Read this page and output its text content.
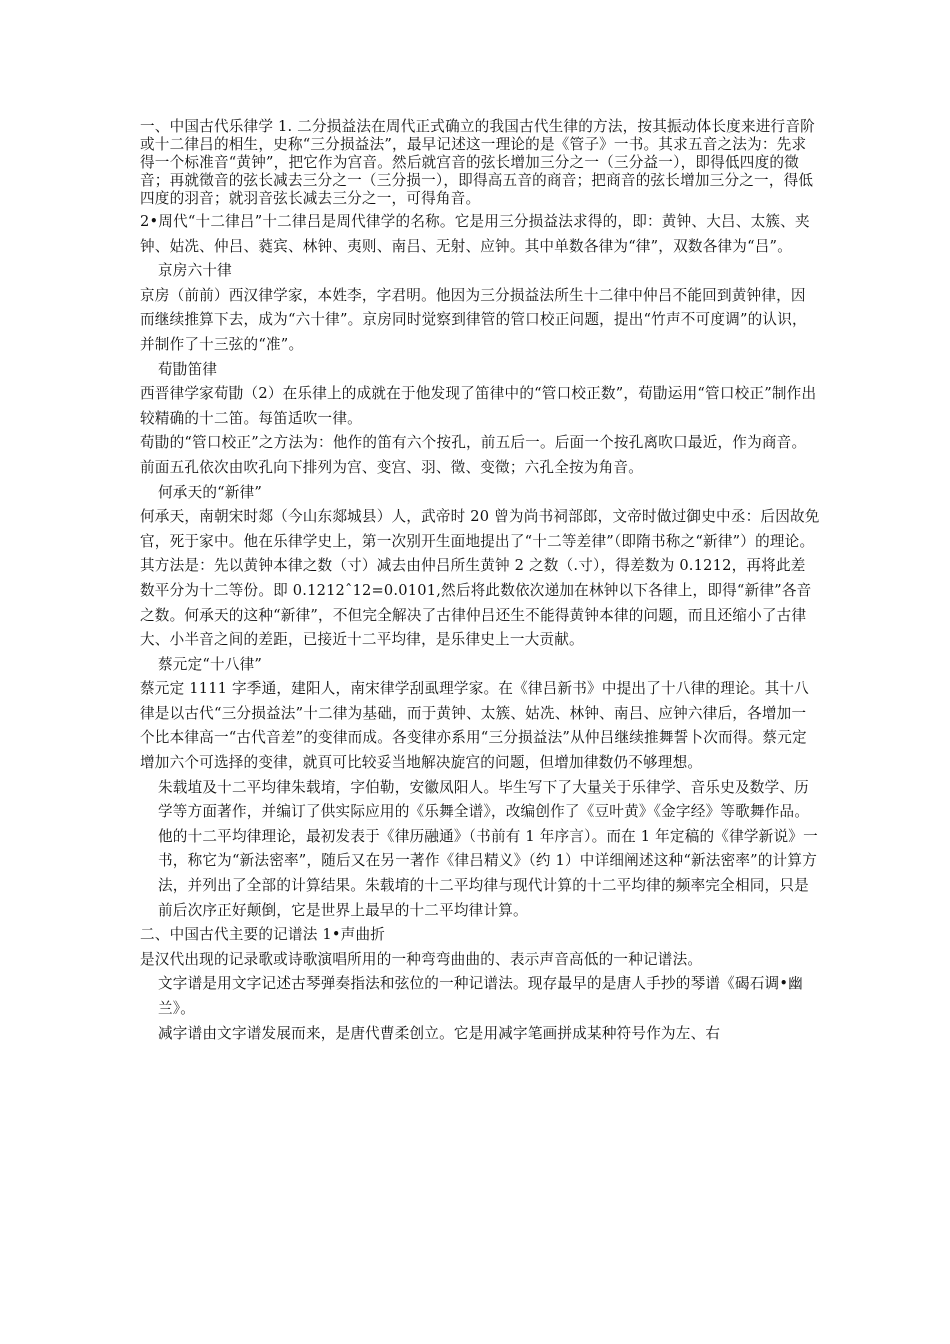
一、中国古代乐律学 1. 二分损益法在周代正式确立的我国古代生律的方法，按其振动体长度来进行音阶或十二律吕的相生，史称“三分损益法”，最早记述这一理论的是《管子》一书。其求五音之法为：先求得一个标准音“黄钟”，把它作为宫音。然后就宫音的弦长增加三分之一（三分益一），即得低四度的徵音；再就徵音的弦长减去三分之一（三分损一），即得高五音的商音；把商音的弦长增加三分之一，得低四度的羽音；就羽音弦长减去三分之一，可得角音。

2•周代“十二律吕”十二律吕是周代律学的名称。它是用三分损益法求得的，即：黄钟、大吕、太簇、夹钟、姑冼、仲吕、蕤宾、林钟、夷则、南吕、无射、应钟。其中单数各律为“律”，双数各律为“吕”。

京房六十律

京房（前前）西汉律学家，本姓李，字君明。他因为三分损益法所生十二律中仲吕不能回到黄钟律，因而继续推算下去，成为“六十律”。京房同时觉察到律管的管口校正问题，提出“竹声不可度调”的认识，并制作了十三弦的“准”。

荀勖笛律

西晋律学家荀勖（2）在乐律上的成就在于他发现了笛律中的“管口校正数”，荀勖运用“管口校正”制作出较精确的十二笛。每笛适吹一律。

荀勖的“管口校正”之方法为：他作的笛有六个按孔，前五后一。后面一个按孔离吹口最近，作为商音。前面五孔依次由吹孔向下排列为宫、变宫、羽、徵、变徵；六孔全按为角音。

何承天的“新律”

何承天，南朝宋时郯（今山东郯城县）人，武帝时 20 曾为尚书祠部郎，文帝时做过御史中丞：后因故免官，死于家中。他在乐律学史上，第一次别开生面地提出了“十二等差律”（即隋书称之“新律”）的理论。其方法是：先以黄钟本律之数（寸）减去由仲吕所生黄钟 2 之数（.寸），得差数为 0.1212，再将此差数平分为十二等份。即 0.1212ˆ12=0.0101,然后将此数依次递加在林钟以下各律上，即得“新律”各音之数。何承天的这种“新律”，不但完全解决了古律仲吕还生不能得黄钟本律的问题，而且还缩小了古律大、小半音之间的差距，已接近十二平均律，是乐律史上一大贡献。

蔡元定“十八律”

蔡元定 1111 字季通，建阳人，南宋律学刮虱理学家。在《律吕新书》中提出了十八律的理论。其十八律是以古代“三分损益法”十二律为基础，而于黄钟、太簇、姑冼、林钟、南吕、应钟六律后，各增加一个比本律高一“古代音差”的变律而成。各变律亦系用“三分损益法”从仲吕继续推舞誓卜次而得。蔡元定增加六个可选择的变律，就頁可比较妥当地解决旋宫的问题，但增加律数仍不够理想。

朱载埴及十二平均律朱载堉，字伯勒，安徽凤阳人。毕生写下了大量关于乐律学、音乐史及数学、历学等方面著作，并编订了供实际应用的《乐舞全谱》，改编创作了《豆叶黄》《金字经》等歌舞作品。他的十二平均律理论，最初发表于《律历融通》（书前有 1 年序言）。而在 1 年定稿的《律学新说》一书，称它为“新法密率”，随后又在另一著作《律吕精义》（约 1）中详细阐述这种“新法密率”的计算方法，并列出了全部的计算结果。朱载堉的十二平均律与现代计算的十二平均律的频率完全相同，只是前后次序正好颠倒，它是世界上最早的十二平均律计算。

二、中国古代主要的记谱法 1•声曲折

是汉代出现的记录歌或诗歌演唱所用的一种弯弯曲曲的、表示声音高低的一种记谱法。

文字谱是用文字记述古琴弹奏指法和弦位的一种记谱法。现存最早的是唐人手抄的琴谱《碣石调•幽兰》。

减字谱由文字谱发展而来，是唐代曹柔创立。它是用减字笔画拼成某种符号作为左、右
